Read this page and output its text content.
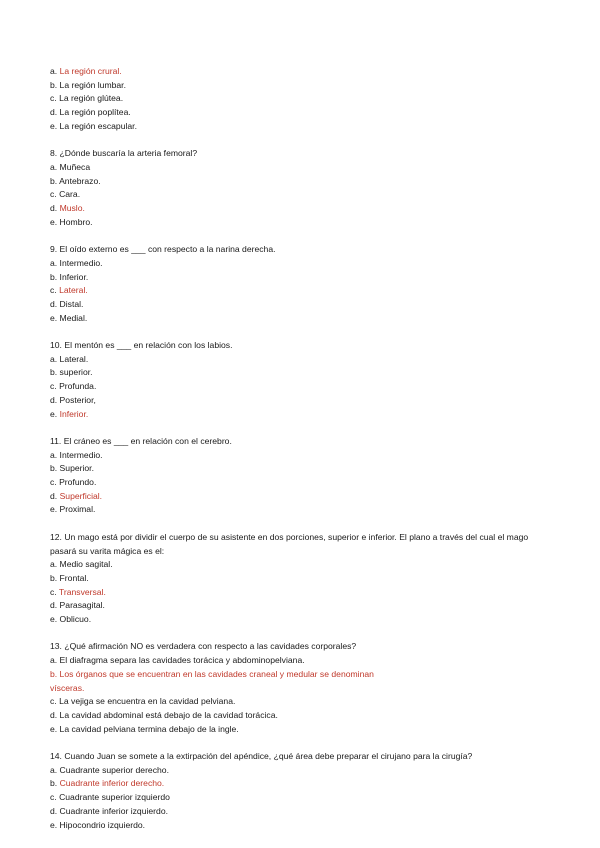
a. La región crural.
b. La región lumbar.
c. La región glútea.
d. La región poplítea.
e. La región escapular.
8. ¿Dónde buscaría la arteria femoral?
a. Muñeca
b. Antebrazo.
c. Cara.
d. Muslo.
e. Hombro.
9. El oído externo es ___ con respecto a la narina derecha.
a. Intermedio.
b. Inferior.
c. Lateral.
d. Distal.
e. Medial.
10. El mentón es ___ en relación con los labios.
a. Lateral.
b. superior.
c. Profunda.
d. Posterior,
e. Inferior.
11. El cráneo es ___ en relación con el cerebro.
a. Intermedio.
b. Superior.
c. Profundo.
d. Superficial.
e. Proximal.
12. Un mago está por dividir el cuerpo de su asistente en dos porciones, superior e inferior. El plano a través del cual el mago pasará su varita mágica es el:
a. Medio sagital.
b. Frontal.
c. Transversal.
d. Parasagital.
e. Oblicuo.
13. ¿Qué afirmación NO es verdadera con respecto a las cavidades corporales?
a. El diafragma separa las cavidades torácica y abdominopelviana.
b. Los órganos que se encuentran en las cavidades craneal y medular se denominan
vísceras.
c. La vejiga se encuentra en la cavidad pelviana.
d. La cavidad abdominal está debajo de la cavidad torácica.
e. La cavidad pelviana termina debajo de la ingle.
14. Cuando Juan se somete a la extirpación del apéndice, ¿qué área debe preparar el cirujano para la cirugía?
a. Cuadrante superior derecho.
b. Cuadrante inferior derecho.
c. Cuadrante superior izquierdo
d. Cuadrante inferior izquierdo.
e. Hipocondrio izquierdo.
